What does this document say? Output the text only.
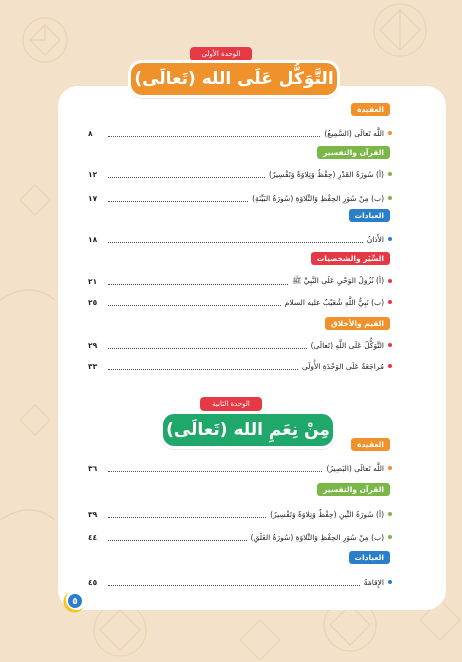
الوحدة الأولى
التَّوَكُّل عَلَى الله (تَعالَى)
العقيدة
اللَّه تَعالَى (السَّمِيعُ)
٨
القرآن والتفسير
(أ) سُورَةُ القَدْرِ (حِفْظٌ وَتِلاوَةٌ وَتَفْسِيرٌ)
١٢
(ب) مِنْ سُوَرِ الحِفْظِ وَالتِّلاوَةِ (سُورَةُ البَيِّنَةِ)
١٧
العبادات
الأَذانُ
١٨
السِّيَر والشخصيات
(أ) نُزُولُ الوَحْيِ عَلَى النَّبِيِّ ﷺ
٢١
(ب) نَبِيُّ اللَّهِ شُعَيْبٌ عليه السلام
٢٥
القيم والأخلاق
التَّوَكُّلُ عَلَى اللَّهِ (تَعالَى)
٢٩
مُراجَعَةٌ عَلَى الوَحْدَةِ الأُولَى
٣٣
الوحدة الثانية
مِنْ نِعَمِ الله (تَعالَى)
العقيدة
اللَّه تَعالَى (البَصِيرُ)
٣٦
القرآن والتفسير
(أ) سُورَةُ التِّينِ (حِفْظٌ وَتِلاوَةٌ وَتَفْسِيرٌ)
٣٩
(ب) مِنْ سُوَرِ الحِفْظِ وَالتِّلاوَةِ (سُورَةُ العَلَقِ)
٤٤
العبادات
الإِقامَةُ
٤٥
٥
